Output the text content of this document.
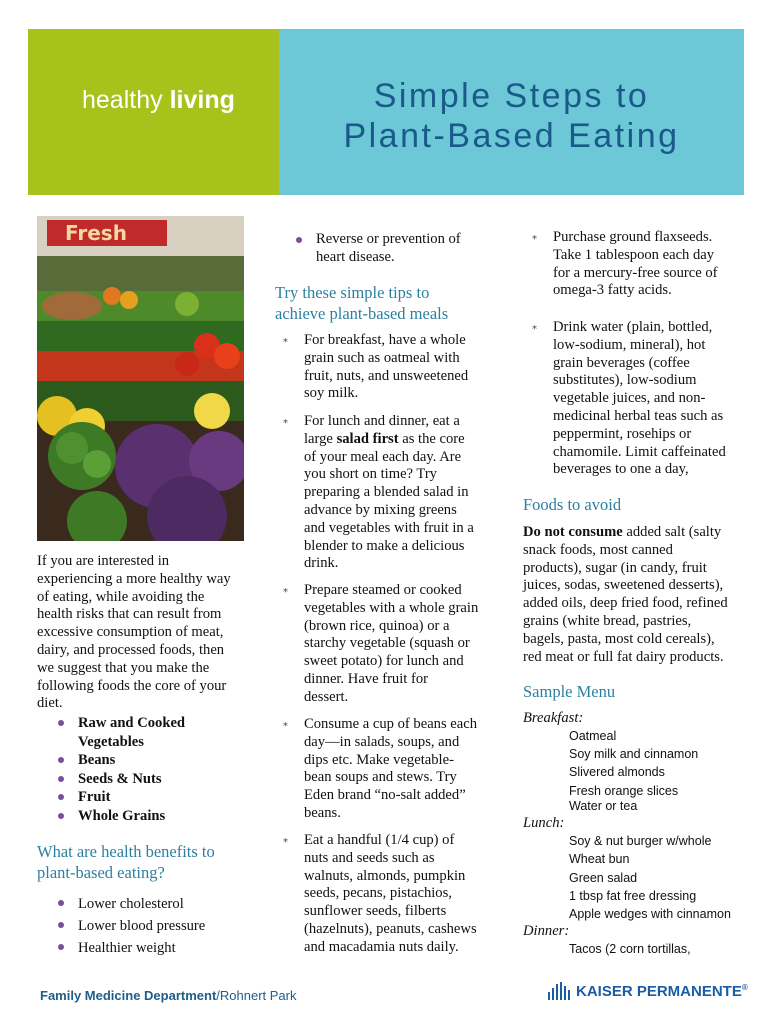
healthy living	Simple Steps to
Plant-Based Eating
Fresh
If you are interested in
experiencing a more healthy way
of eating, while avoiding the
health risks that can result from
excessive consumption of meat,
dairy, and processed foods, then
we suggest that you make the
following foods the core of your
diet.
Raw and Cooked
Vegetables
Beans
Seeds & Nuts
Fruit
Whole Grains
What are health benefits to
plant-based eating?
Lower cholesterol
Lower blood pressure
Healthier weight
Reverse or prevention of
heart disease.
Try these simple tips to
achieve plant-based meals
*	For breakfast, have a whole
grain such as oatmeal with
fruit, nuts, and unsweetened
soy milk.
*	For lunch and dinner, eat a
large salad first as the core
of your meal each day. Are
you short on time? Try
preparing a blended salad in
advance by mixing greens
and vegetables with fruit in a
blender to make a delicious
drink.
*	Prepare steamed or cooked
vegetables with a whole grain
(brown rice, quinoa) or a
starchy vegetable (squash or
sweet potato) for lunch and
dinner. Have fruit for
dessert.
*	Consume a cup of beans each
day—in salads, soups, and
dips etc. Make vegetable-
bean soups and stews. Try
Eden brand “no-salt added”
beans.
*	Eat a handful (1/4 cup) of
nuts and seeds such as
walnuts, almonds, pumpkin
seeds, pecans, pistachios,
sunflower seeds, filberts
(hazelnuts), peanuts, cashews
and macadamia nuts daily.
*	Purchase ground flaxseeds.
Take 1 tablespoon each day
for a mercury-free source of
omega-3 fatty acids.
*	Drink water (plain, bottled,
low-sodium, mineral), hot
grain beverages (coffee
substitutes), low-sodium
vegetable juices, and non-
medicinal herbal teas such as
peppermint, rosehips or
chamomile. Limit caffeinated
beverages to one a day,
Foods to avoid
Do not consume added salt (salty
snack foods, most canned
products), sugar (in candy, fruit
juices, sodas, sweetened desserts),
added oils, deep fried food, refined
grains (white bread, pastries,
bagels, pasta, most cold cereals),
red meat or full fat dairy products.
Sample Menu
Breakfast:
Oatmeal
Soy milk and cinnamon
Slivered almonds
Fresh orange slices
Water or tea
Lunch:
Soy & nut burger w/whole
Wheat bun
Green salad
1 tbsp fat free dressing
Apple wedges with cinnamon
Dinner:
Tacos (2 corn tortillas,
Family Medicine Department/Rohnert Park	KAISER PERMANENTE®
